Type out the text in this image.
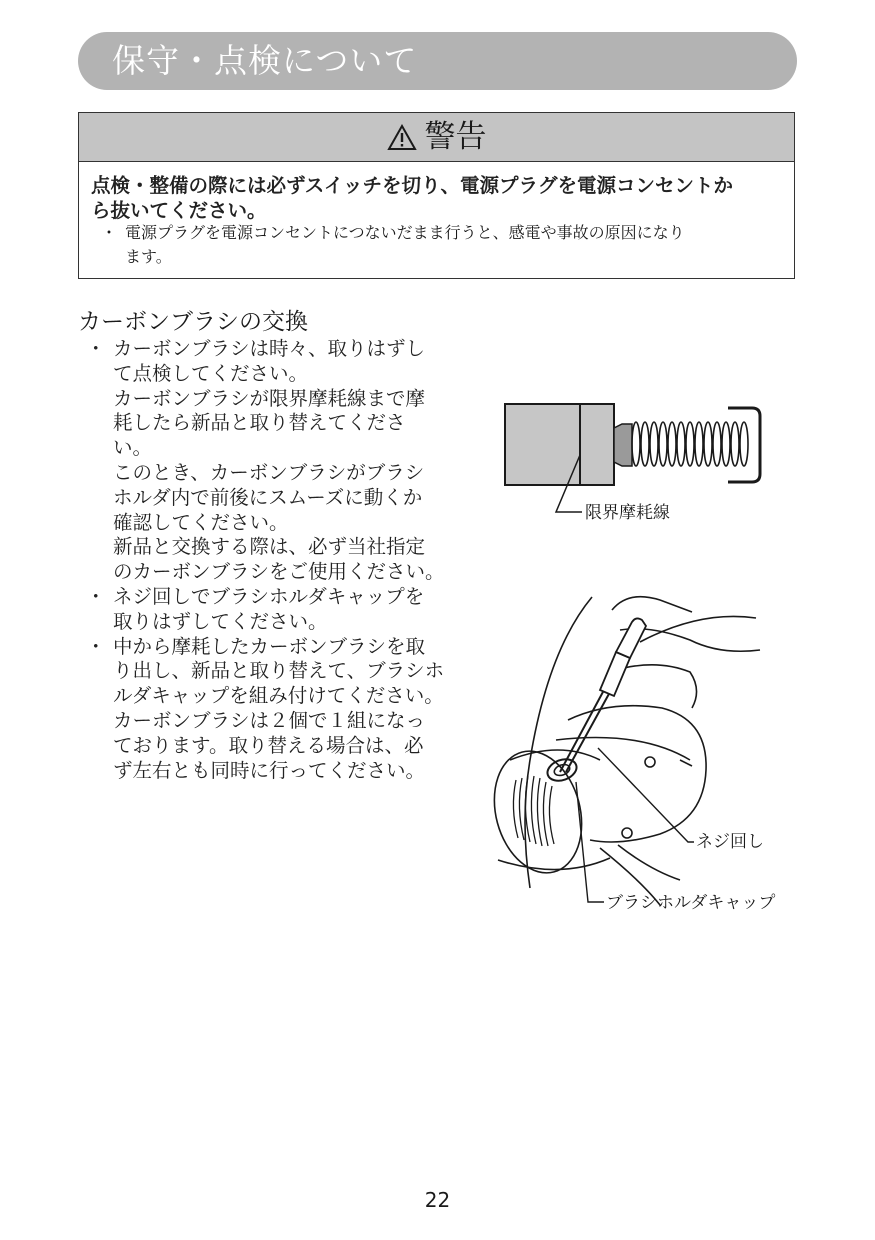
保守・点検について
警告
点検・整備の際には必ずスイッチを切り、電源プラグを電源コンセントか
ら抜いてください。
・ 電源プラグを電源コンセントにつないだまま行うと、感電や事故の原因になり
ます。
カーボンブラシの交換
・ カーボンブラシは時々、取りはずし

て点検してください。

カーボンブラシが限界摩耗線まで摩

耗したら新品と取り替えてくださ

い。

このとき、カーボンブラシがブラシ

ホルダ内で前後にスムーズに動くか

確認してください。

新品と交換する際は、必ず当社指定

のカーボンブラシをご使用ください。

・ ネジ回しでブラシホルダキャップを

取りはずしてください。

・ 中から摩耗したカーボンブラシを取

り出し、新品と取り替えて、ブラシホ

ルダキャップを組み付けてください。

カーボンブラシは２個で１組になっ

ております。取り替える場合は、必

ず左右とも同時に行ってください。

限界摩耗線
ネジ回し
ブラシホルダキャップ
22
